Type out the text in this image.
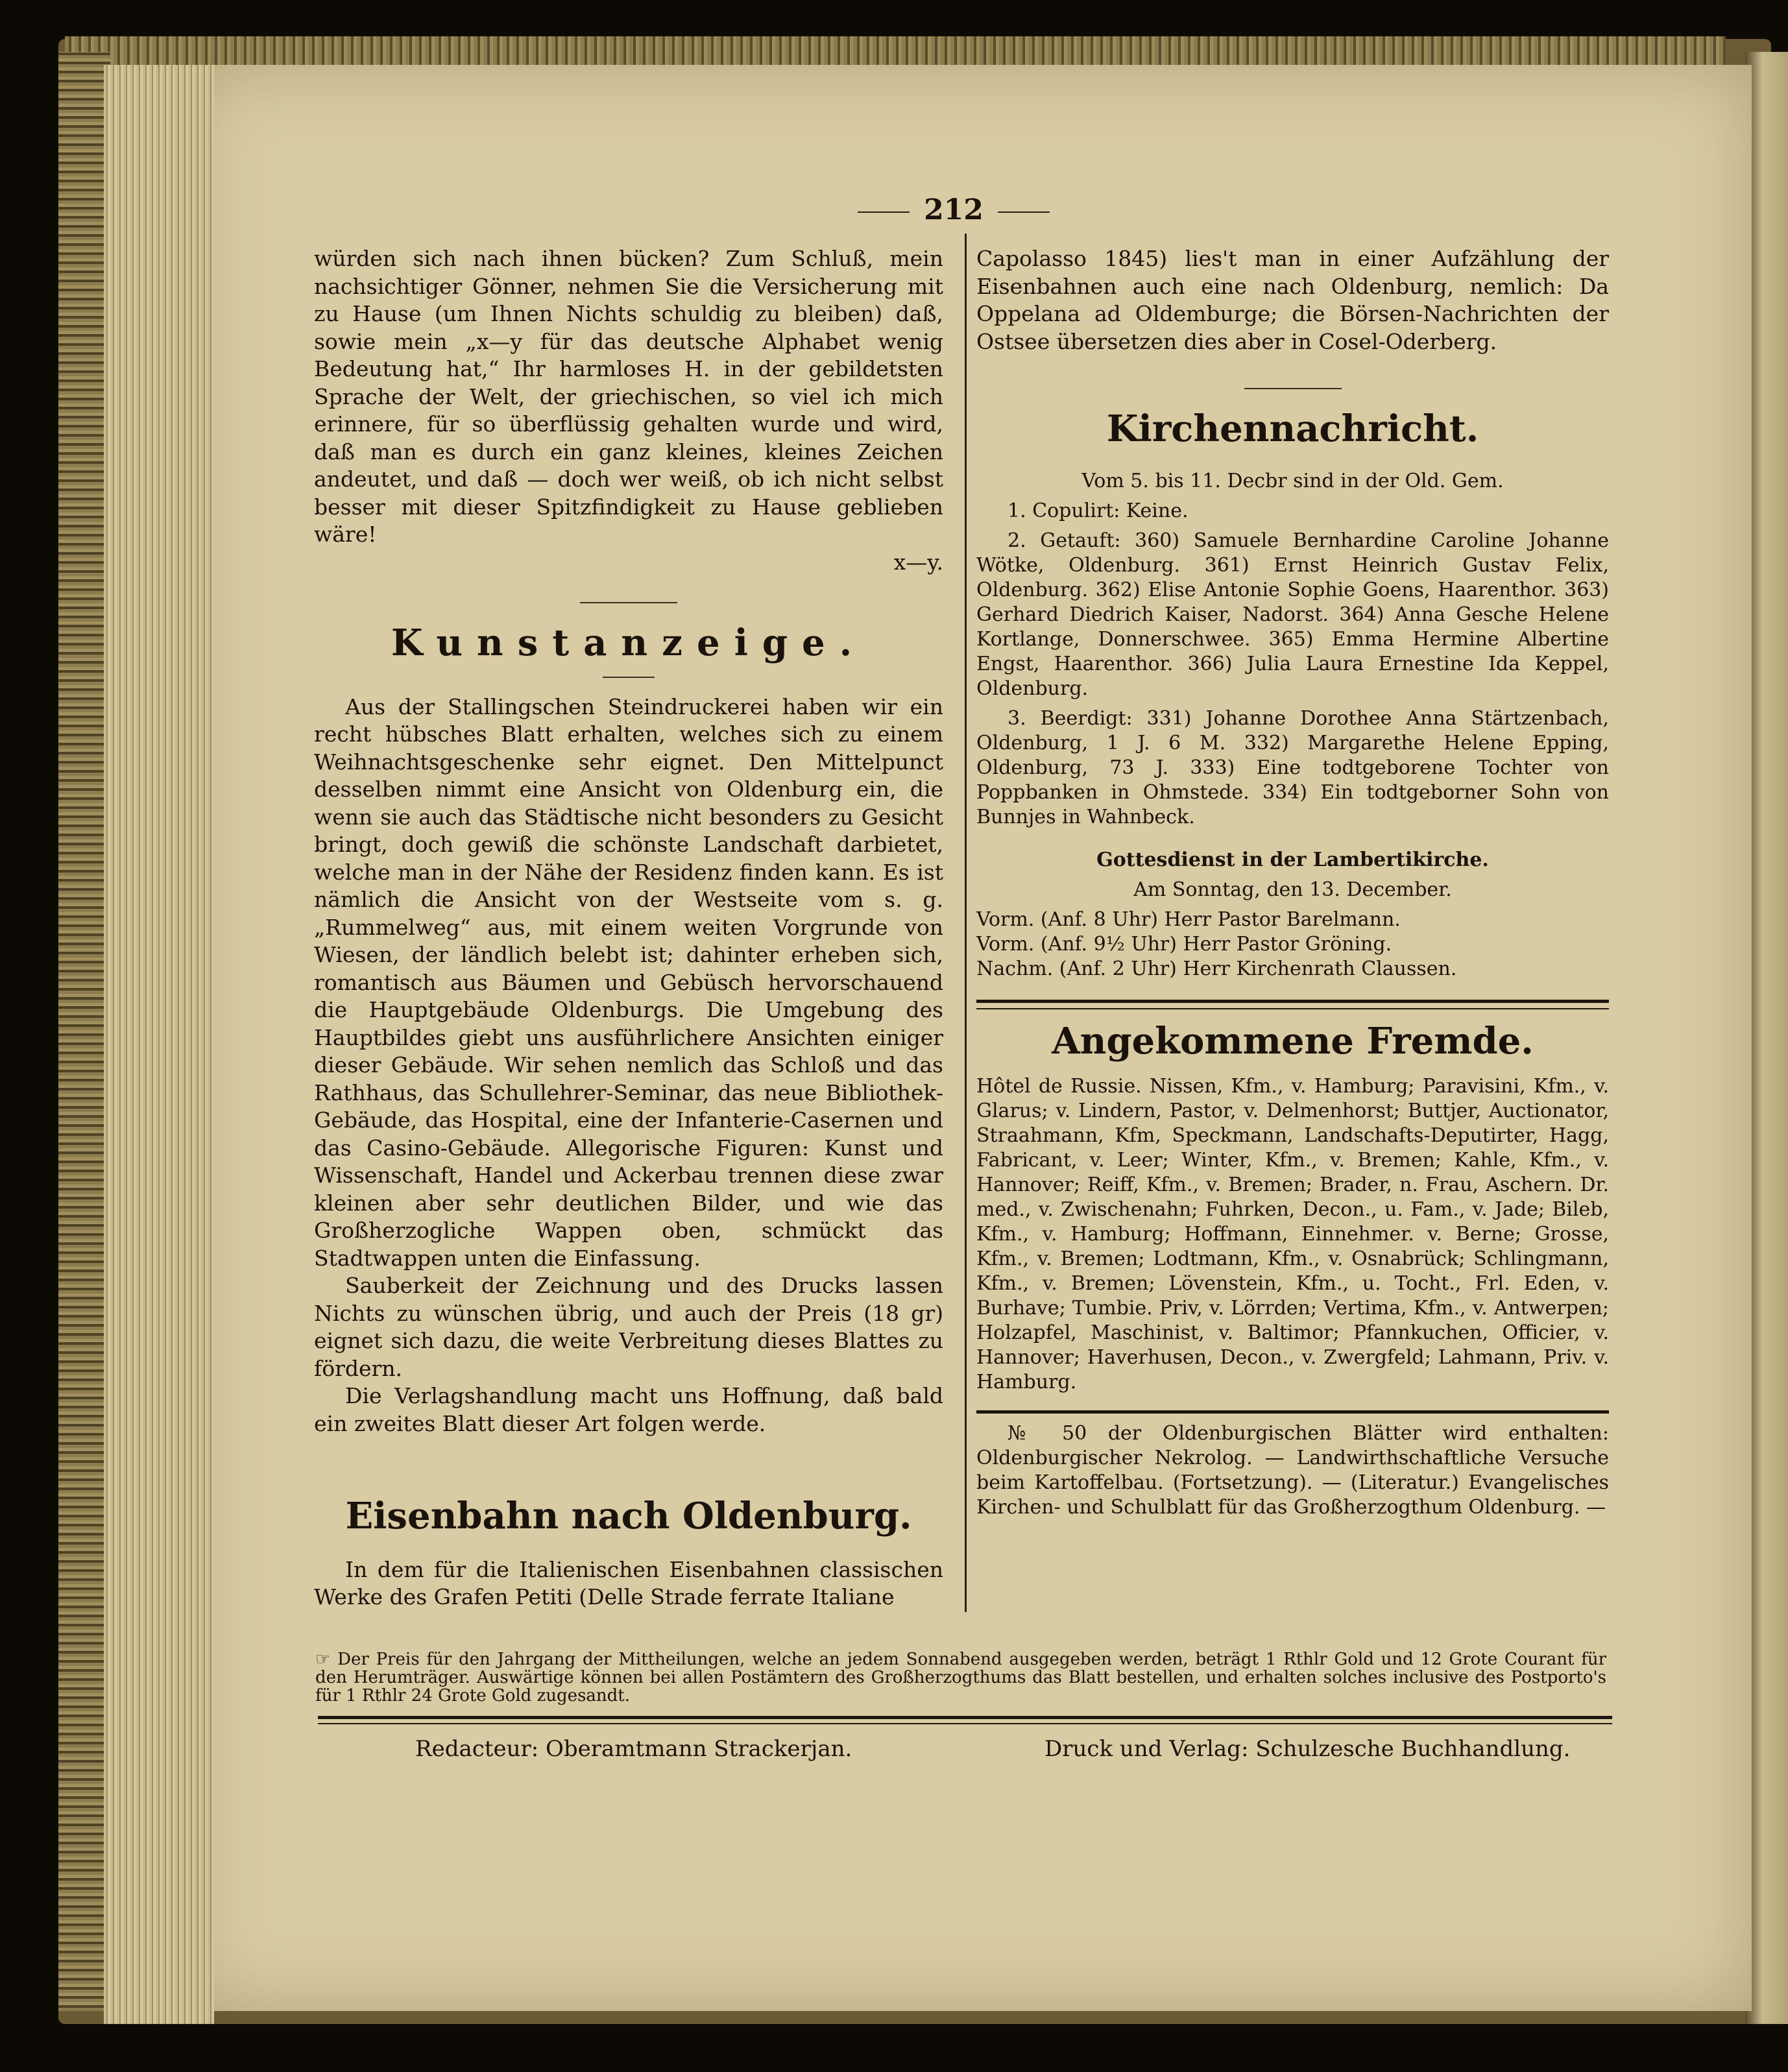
212

würden sich nach ihnen bücken? Zum Schluß, mein nachsichtiger Gönner, nehmen Sie die Versicherung mit zu Hause (um Ihnen Nichts schuldig zu bleiben) daß, sowie mein „x—y für das deutsche Alphabet wenig Bedeutung hat,“ Ihr harmloses H. in der gebildetsten Sprache der Welt, der griechischen, so viel ich mich erinnere, für so überflüssig gehalten wurde und wird, daß man es durch ein ganz kleines, kleines Zeichen andeutet, und daß — doch wer weiß, ob ich nicht selbst besser mit dieser Spitzfindigkeit zu Hause geblieben wäre!

x—y.

Kunstanzeige.

Aus der Stallingschen Steindruckerei haben wir ein recht hübsches Blatt erhalten, welches sich zu einem Weihnachtsgeschenke sehr eignet. Den Mittelpunct desselben nimmt eine Ansicht von Oldenburg ein, die wenn sie auch das Städtische nicht besonders zu Gesicht bringt, doch gewiß die schönste Landschaft darbietet, welche man in der Nähe der Residenz finden kann. Es ist nämlich die Ansicht von der Westseite vom s. g. „Rummelweg“ aus, mit einem weiten Vorgrunde von Wiesen, der ländlich belebt ist; dahinter erheben sich, romantisch aus Bäumen und Gebüsch hervorschauend die Hauptgebäude Oldenburgs. Die Umgebung des Hauptbildes giebt uns ausführlichere Ansichten einiger dieser Gebäude. Wir sehen nemlich das Schloß und das Rathhaus, das Schullehrer-Seminar, das neue Bibliothek-Gebäude, das Hospital, eine der Infanterie-Casernen und das Casino-Gebäude. Allegorische Figuren: Kunst und Wissenschaft, Handel und Ackerbau trennen diese zwar kleinen aber sehr deutlichen Bilder, und wie das Großherzogliche Wappen oben, schmückt das Stadtwappen unten die Einfassung.

Sauberkeit der Zeichnung und des Drucks lassen Nichts zu wünschen übrig, und auch der Preis (18 gr) eignet sich dazu, die weite Verbreitung dieses Blattes zu fördern.

Die Verlagshandlung macht uns Hoffnung, daß bald ein zweites Blatt dieser Art folgen werde.

Eisenbahn nach Oldenburg.

In dem für die Italienischen Eisenbahnen classischen Werke des Grafen Petiti (Delle Strade ferrate Italiane

Capolasso 1845) lies't man in einer Aufzählung der Eisenbahnen auch eine nach Oldenburg, nemlich: Da Oppelana ad Oldemburge; die Börsen-Nachrichten der Ostsee übersetzen dies aber in Cosel-Oderberg.

Kirchennachricht.

Vom 5. bis 11. Decbr sind in der Old. Gem.

1. Copulirt: Keine.

2. Getauft: 360) Samuele Bernhardine Caroline Johanne Wötke, Oldenburg. 361) Ernst Heinrich Gustav Felix, Oldenburg. 362) Elise Antonie Sophie Goens, Haarenthor. 363) Gerhard Diedrich Kaiser, Nadorst. 364) Anna Gesche Helene Kortlange, Donnerschwee. 365) Emma Hermine Albertine Engst, Haarenthor. 366) Julia Laura Ernestine Ida Keppel, Oldenburg.

3. Beerdigt: 331) Johanne Dorothee Anna Stärtzenbach, Oldenburg, 1 J. 6 M. 332) Margarethe Helene Epping, Oldenburg, 73 J. 333) Eine todtgeborene Tochter von Poppbanken in Ohmstede. 334) Ein todtgeborner Sohn von Bunnjes in Wahnbeck.

Gottesdienst in der Lambertikirche.

Am Sonntag, den 13. December.

Vorm. (Anf. 8 Uhr) Herr Pastor Barelmann.

Vorm. (Anf. 9½ Uhr) Herr Pastor Gröning.

Nachm. (Anf. 2 Uhr) Herr Kirchenrath Claussen.

Angekommene Fremde.

Hôtel de Russie. Nissen, Kfm., v. Hamburg; Paravisini, Kfm., v. Glarus; v. Lindern, Pastor, v. Delmenhorst; Buttjer, Auctionator, Straahmann, Kfm, Speckmann, Landschafts-Deputirter, Hagg, Fabricant, v. Leer; Winter, Kfm., v. Bremen; Kahle, Kfm., v. Hannover; Reiff, Kfm., v. Bremen; Brader, n. Frau, Aschern. Dr. med., v. Zwischenahn; Fuhrken, Decon., u. Fam., v. Jade; Bileb, Kfm., v. Hamburg; Hoffmann, Einnehmer. v. Berne; Grosse, Kfm., v. Bremen; Lodtmann, Kfm., v. Osnabrück; Schlingmann, Kfm., v. Bremen; Lövenstein, Kfm., u. Tocht., Frl. Eden, v. Burhave; Tumbie. Priv, v. Lörrden; Vertima, Kfm., v. Antwerpen; Holzapfel, Maschinist, v. Baltimor; Pfannkuchen, Officier, v. Hannover; Haverhusen, Decon., v. Zwergfeld; Lahmann, Priv. v. Hamburg.

№ 50 der Oldenburgischen Blätter wird enthalten: Oldenburgischer Nekrolog. — Landwirthschaftliche Versuche beim Kartoffelbau. (Fortsetzung). — (Literatur.) Evangelisches Kirchen- und Schulblatt für das Großherzogthum Oldenburg. —

☞ Der Preis für den Jahrgang der Mittheilungen, welche an jedem Sonnabend ausgegeben werden, beträgt 1 Rthlr Gold und 12 Grote Courant für den Herumträger. Auswärtige können bei allen Postämtern des Großherzogthums das Blatt bestellen, und erhalten solches inclusive des Postporto's für 1 Rthlr 24 Grote Gold zugesandt.
Redacteur: Oberamtmann Strackerjan.	Druck und Verlag: Schulzesche Buchhandlung.
